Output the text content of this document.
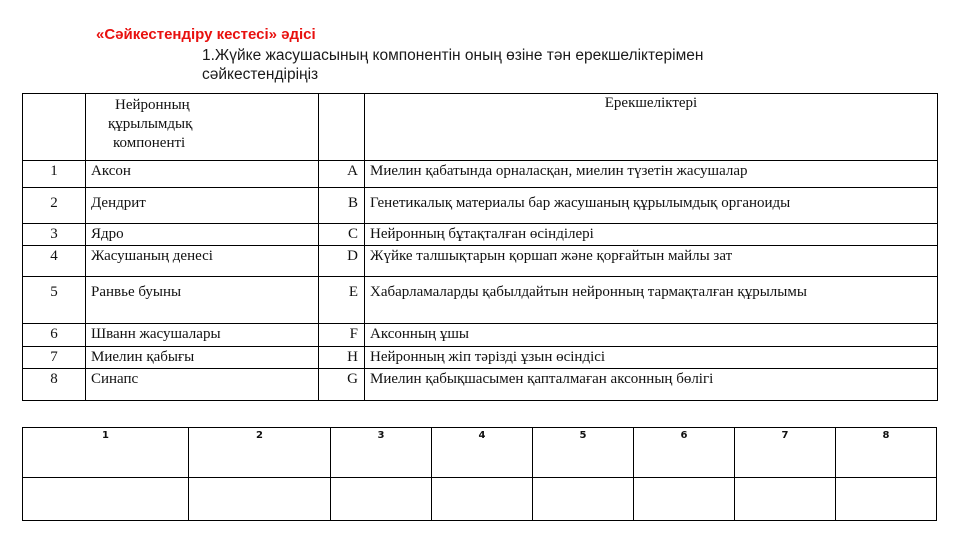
«Сәйкестендіру кестесі» әдісі
1.Жүйке жасушасының компонентін оның өзіне тән ерекшеліктерімен сәйкестендіріңіз

	Нейронның
құрылымдық
компоненті		Ерекшеліктері
1	Аксон	A	Миелин қабатында орналасқан, миелин түзетін жасушалар
2	Дендрит	B	Генетикалық материалы бар жасушаның құрылымдық органоиды
3	Ядро	C	Нейронның бұтақталған өсінділері
4	Жасушаның денесі	D	Жүйке талшықтарын қоршап және қорғайтын майлы зат
5	Ранвье буыны	E	Хабарламаларды қабылдайтын нейронның тармақталған құрылымы
6	Шванн жасушалары	F	Аксонның ұшы
7	Миелин қабығы	H	Нейронның жіп тәрізді ұзын өсіндісі
8	Синапс	G	Миелин қабықшасымен қапталмаған аксонның бөлігі
1	2	3	4	5	6	7	8
